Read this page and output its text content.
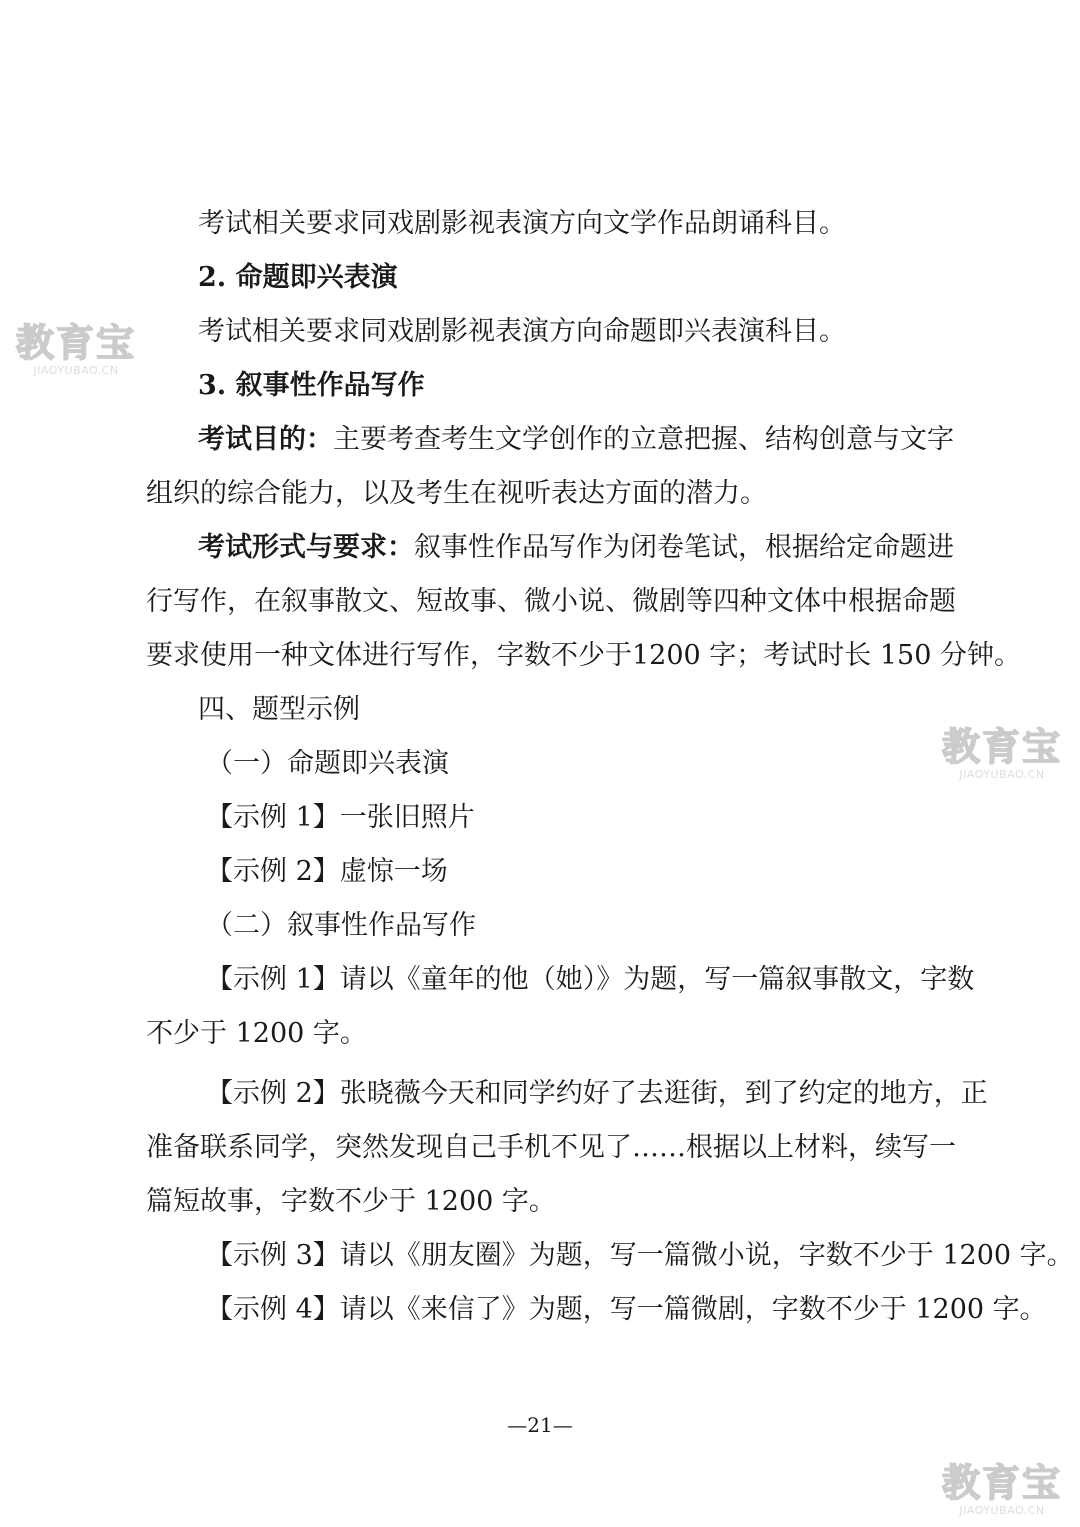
考试相关要求同戏剧影视表演方向文学作品朗诵科目。
2. 命题即兴表演
考试相关要求同戏剧影视表演方向命题即兴表演科目。
3. 叙事性作品写作
考试目的：主要考查考生文学创作的立意把握、结构创意与文字
组织的综合能力，以及考生在视听表达方面的潜力。
考试形式与要求：叙事性作品写作为闭卷笔试，根据给定命题进
行写作，在叙事散文、短故事、微小说、微剧等四种文体中根据命题
要求使用一种文体进行写作，字数不少于1200 字；考试时长 150 分钟。
四、题型示例
（一）命题即兴表演
【示例 1】一张旧照片
【示例 2】虚惊一场
（二）叙事性作品写作
【示例 1】请以《童年的他（她）》为题，写一篇叙事散文，字数
不少于 1200 字。
【示例 2】张晓薇今天和同学约好了去逛街，到了约定的地方，正
准备联系同学，突然发现自己手机不见了……根据以上材料，续写一
篇短故事，字数不少于 1200 字。
【示例 3】请以《朋友圈》为题，写一篇微小说，字数不少于 1200 字。
【示例 4】请以《来信了》为题，写一篇微剧，字数不少于 1200 字。
—21—
教育宝
JIAOYUBAO.CN
教育宝
JIAOYUBAO.CN
教育宝
JIAOYUBAO.CN
